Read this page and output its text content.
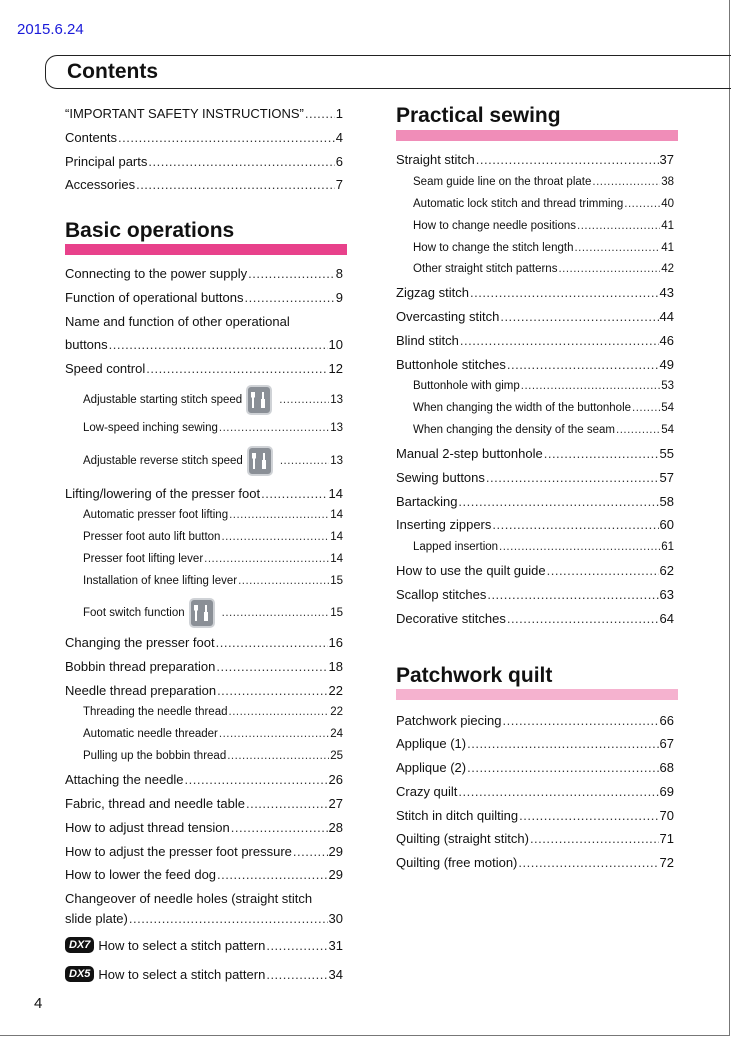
2015.6.24
Contents
“IMPORTANT SAFETY INSTRUCTIONS” ..... 1
Contents .....	4
Principal parts .....	6
Accessories .....	7
Basic operations
Connecting to the power supply .....	8
Function of operational buttons .....	9
Name and function of other operational
buttons .....	10
Speed control .....	12
Adjustable starting stitch speed .....	13
Low-speed inching sewing .....	13
Adjustable reverse stitch speed .....	13
Lifting/lowering of the presser foot .....	14
Automatic presser foot lifting .....	14
Presser foot auto lift button .....	14
Presser foot lifting lever .....	14
Installation of knee lifting lever .....	15
Foot switch function .....	15
Changing the presser foot .....	16
Bobbin thread preparation .....	18
Needle thread preparation .....	22
Threading the needle thread .....	22
Automatic needle threader .....	24
Pulling up the bobbin thread .....	25
Attaching the needle .....	26
Fabric, thread and needle table .....	27
How to adjust thread tension .....	28
How to adjust the presser foot pressure .....	29
How to lower the feed dog .....	29
Changeover of needle holes (straight stitch
slide plate) .....	30
DX7 How to select a stitch pattern .....	31
DX5 How to select a stitch pattern .....	34
Practical sewing
Straight stitch .....	37
Seam guide line on the throat plate .....	38
Automatic lock stitch and thread trimming .....	40
How to change needle positions .....	41
How to change the stitch length .....	41
Other straight stitch patterns .....	42
Zigzag stitch .....	43
Overcasting stitch .....	44
Blind stitch .....	46
Buttonhole stitches .....	49
Buttonhole with gimp .....	53
When changing the width of the buttonhole .....	54
When changing the density of the seam .....	54
Manual 2-step buttonhole .....	55
Sewing buttons .....	57
Bartacking .....	58
Inserting zippers .....	60
Lapped insertion .....	61
How to use the quilt guide .....	62
Scallop stitches .....	63
Decorative stitches .....	64
Patchwork quilt
Patchwork piecing .....	66
Applique (1) .....	67
Applique (2) .....	68
Crazy quilt .....	69
Stitch in ditch quilting .....	70
Quilting (straight stitch) .....	71
Quilting (free motion) .....	72
4
